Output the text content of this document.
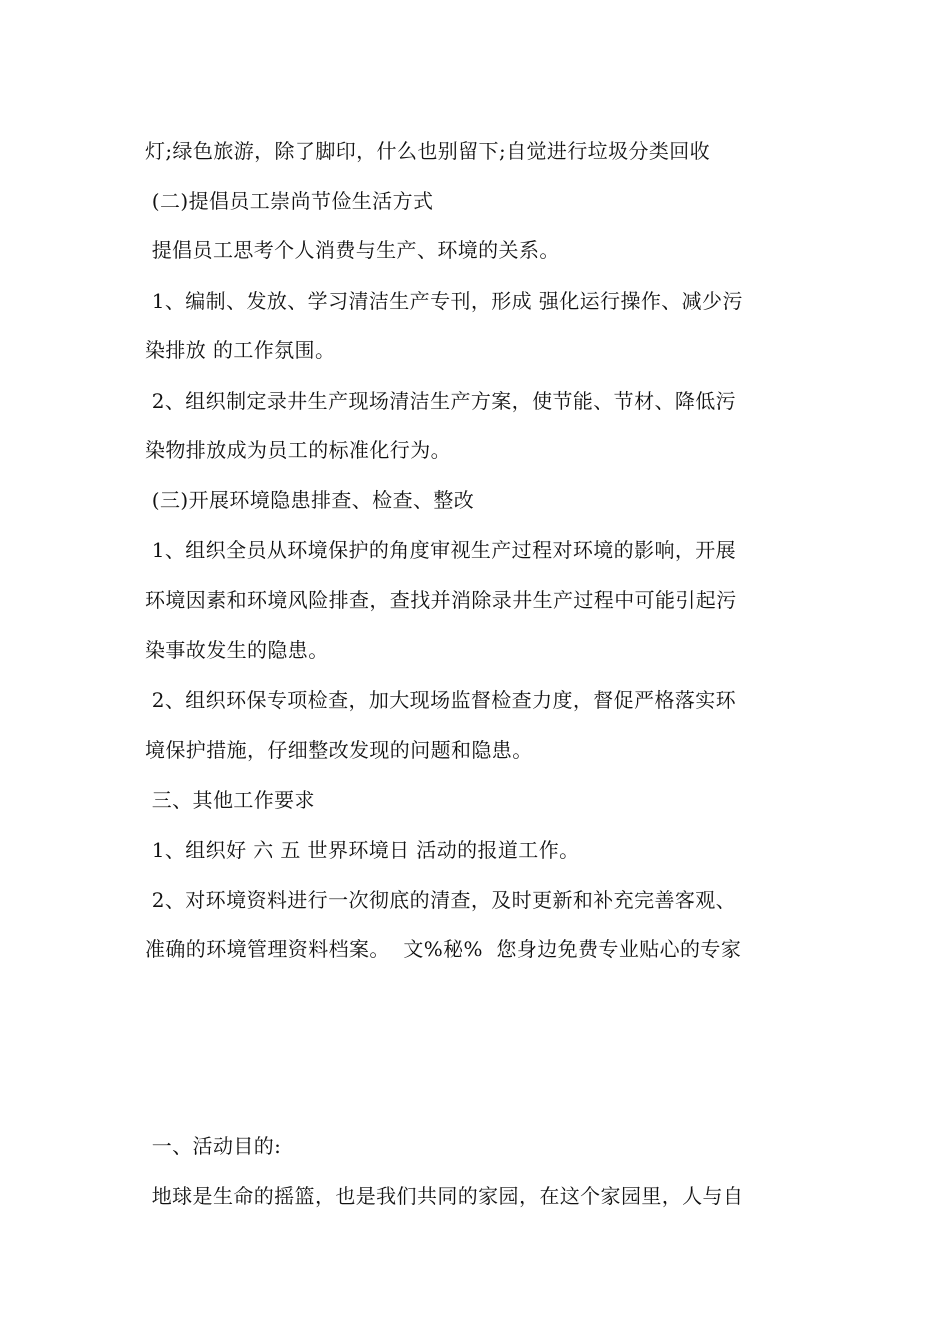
灯;绿色旅游，除了脚印，什么也别留下;自觉进行垃圾分类回收
(二)提倡员工崇尚节俭生活方式
提倡员工思考个人消费与生产、环境的关系。
1、编制、发放、学习清洁生产专刊，形成 强化运行操作、减少污
染排放 的工作氛围。
2、组织制定录井生产现场清洁生产方案，使节能、节材、降低污
染物排放成为员工的标准化行为。
(三)开展环境隐患排查、检查、整改
1、组织全员从环境保护的角度审视生产过程对环境的影响，开展
环境因素和环境风险排查，查找并消除录井生产过程中可能引起污
染事故发生的隐患。
2、组织环保专项检查，加大现场监督检查力度，督促严格落实环
境保护措施，仔细整改发现的问题和隐患。
三、其他工作要求
1、组织好 六 五 世界环境日 活动的报道工作。
2、对环境资料进行一次彻底的清查，及时更新和补充完善客观、
准确的环境管理资料档案。  文%秘%  您身边免费专业贴心的专家
一、活动目的:
地球是生命的摇篮，也是我们共同的家园，在这个家园里，人与自
